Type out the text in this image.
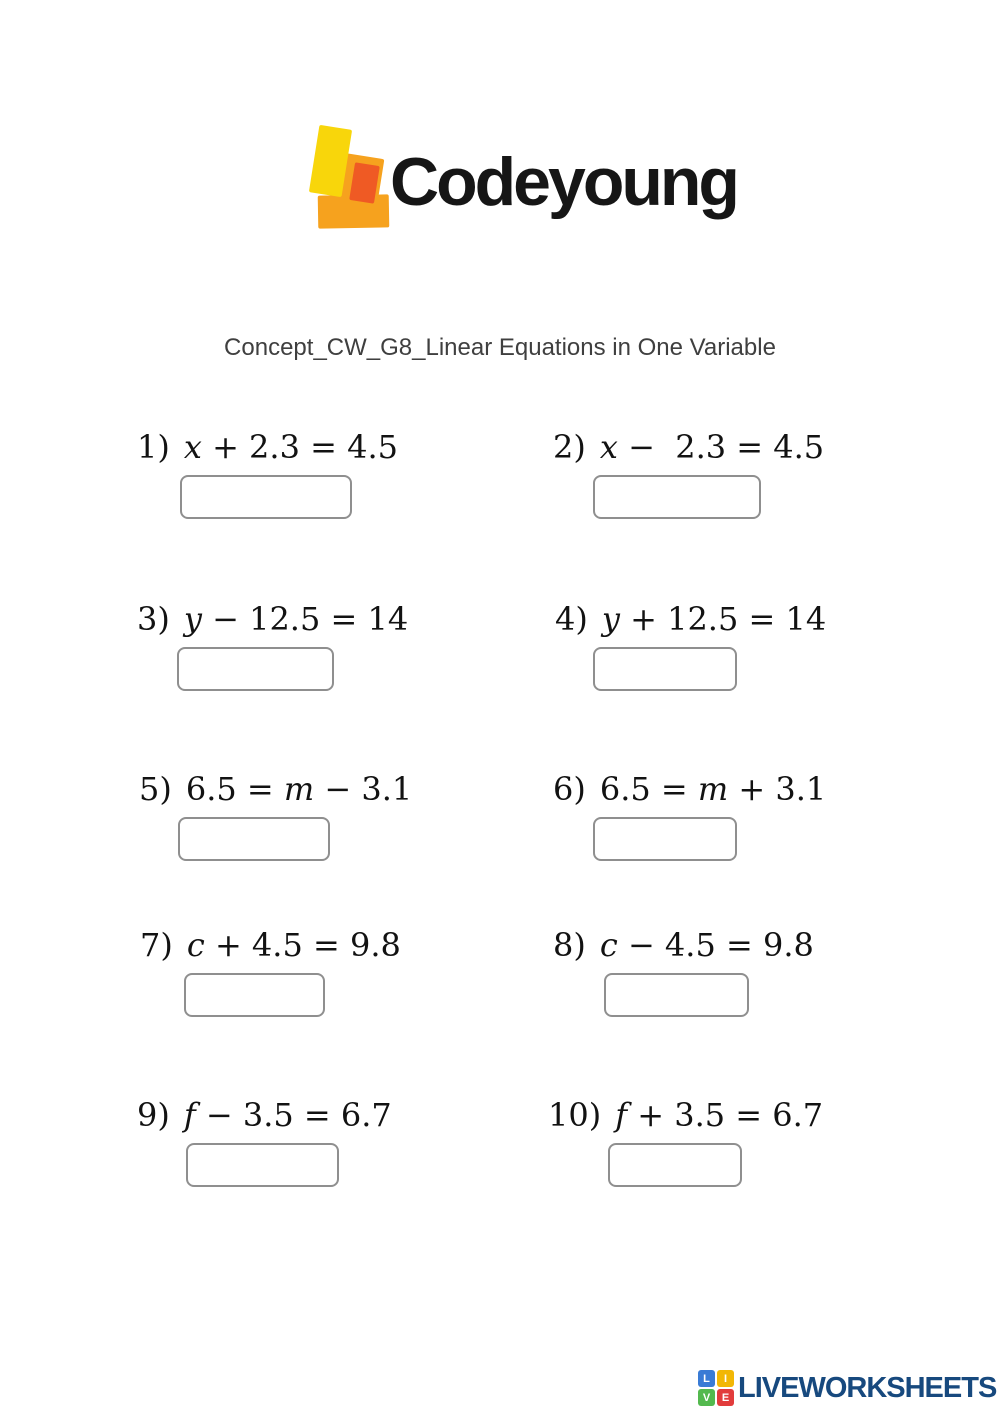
Codeyoung
Concept_CW_G8_Linear Equations in One Variable
1) x + 2.3 = 4.5	2) x −  2.3 = 4.5
3) y − 12.5 = 14	4) y + 12.5 = 14
5) 6.5 = m − 3.1	6) 6.5 = m + 3.1
7) c + 4.5 = 9.8	8) c − 4.5 = 9.8
9) f − 3.5 = 6.7	10) f + 3.5 = 6.7
L	I
V	E LIVEWORKSHEETS
